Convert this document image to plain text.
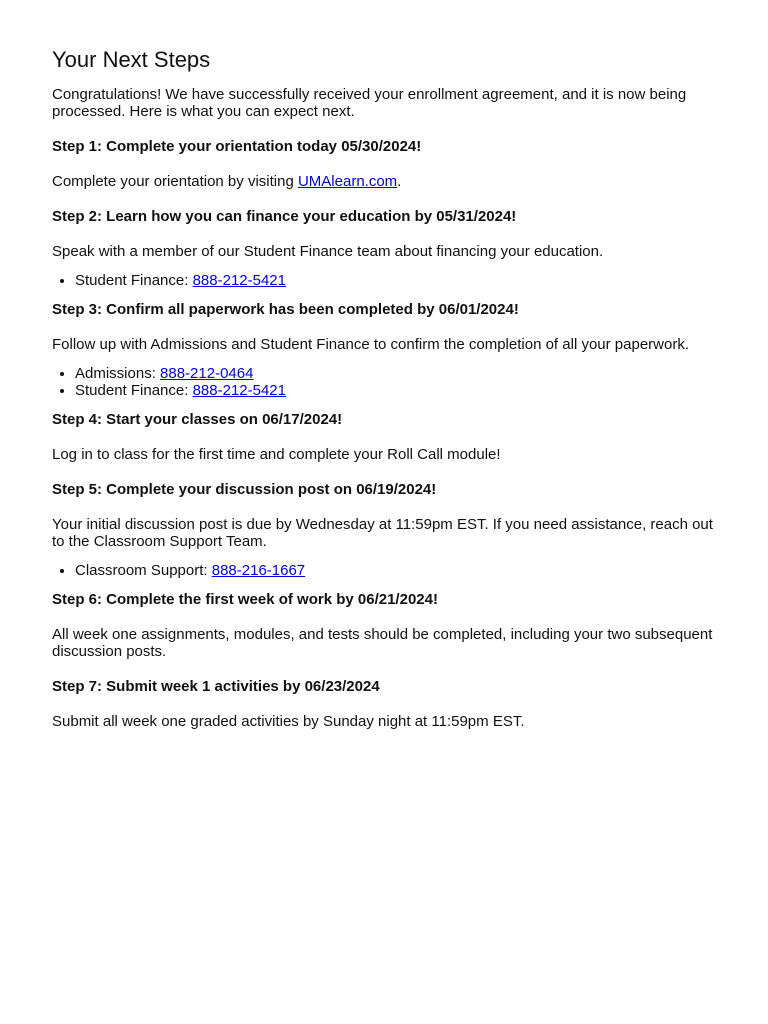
Your Next Steps

Congratulations! We have successfully received your enrollment agreement, and it is now being processed. Here is what you can expect next.

Step 1: Complete your orientation today 05/30/2024!

Complete your orientation by visiting UMAlearn.com.

Step 2: Learn how you can finance your education by 05/31/2024!

Speak with a member of our Student Finance team about financing your education.

• Student Finance: 888-212-5421
Step 3: Confirm all paperwork has been completed by 06/01/2024!

Follow up with Admissions and Student Finance to confirm the completion of all your paperwork.

• Admissions: 888-212-0464
• Student Finance: 888-212-5421
Step 4: Start your classes on 06/17/2024!

Log in to class for the first time and complete your Roll Call module!

Step 5: Complete your discussion post on 06/19/2024!

Your initial discussion post is due by Wednesday at 11:59pm EST. If you need assistance, reach out to the Classroom Support Team.

• Classroom Support: 888-216-1667
Step 6: Complete the first week of work by 06/21/2024!

All week one assignments, modules, and tests should be completed, including your two subsequent discussion posts.

Step 7: Submit week 1 activities by 06/23/2024

Submit all week one graded activities by Sunday night at 11:59pm EST.
